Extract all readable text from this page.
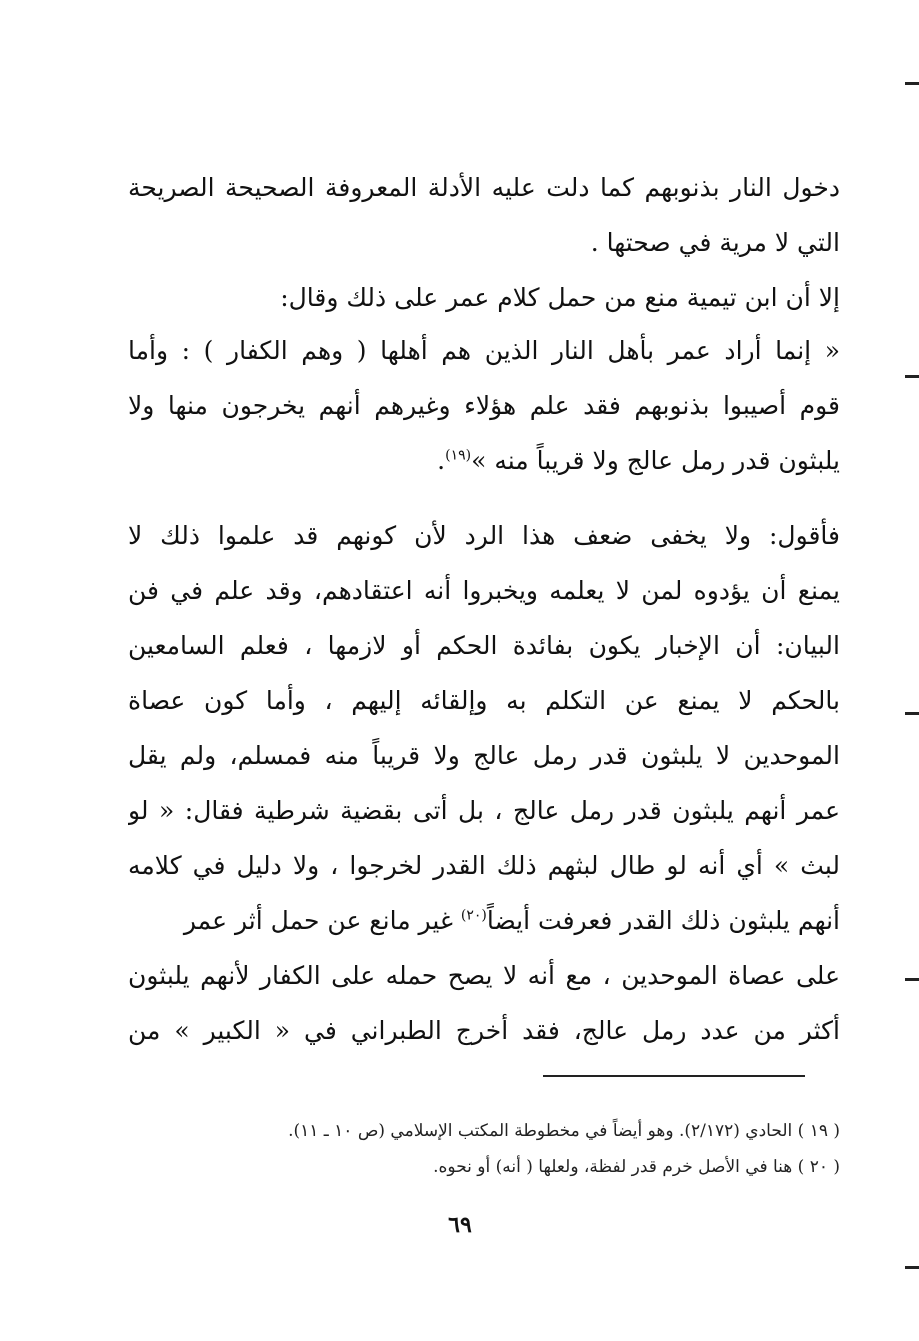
دخول النار بذنوبهم كما دلت عليه الأدلة المعروفة الصحيحة الصريحة
التي لا مرية في صحتها .
إلا أن ابن تيمية منع من حمل كلام عمر على ذلك وقال:
« إنما أراد عمر بأهل النار الذين هم أهلها ( وهم الكفار ) : وأما
قوم أصيبوا بذنوبهم فقد علم هؤلاء وغيرهم أنهم يخرجون منها ولا
يلبثون قدر رمل عالج ولا قريباً منه »$^{(١٩)}$.
فأقول: ولا يخفى ضعف هذا الرد لأن كونهم قد علموا ذلك لا
يمنع أن يؤدوه لمن لا يعلمه ويخبروا أنه اعتقادهم، وقد علم في فن
البيان: أن الإخبار يكون بفائدة الحكم أو لازمها ، فعلم السامعين
بالحكم لا يمنع عن التكلم به وإلقائه إليهم ، وأما كون عصاة
الموحدين لا يلبثون قدر رمل عالج ولا قريباً منه فمسلم، ولم يقل
عمر أنهم يلبثون قدر رمل عالج ، بل أتى بقضية شرطية فقال: « لو
لبث » أي أنه لو طال لبثهم ذلك القدر لخرجوا ، ولا دليل في كلامه
أنهم يلبثون ذلك القدر فعرفت أيضاً$^{(٢٠)}$ غير مانع عن حمل أثر عمر
على عصاة الموحدين ، مع أنه لا يصح حمله على الكفار لأنهم يلبثون
أكثر من عدد رمل عالج، فقد أخرج الطبراني في « الكبير » من
( ١٩ ) الحادي (٢/١٧٢). وهو أيضاً في مخطوطة المكتب الإسلامي (ص ١٠ ـ ١١).
( ٢٠ ) هنا في الأصل خرم قدر لفظة، ولعلها ( أنه) أو نحوه.
٦٩
